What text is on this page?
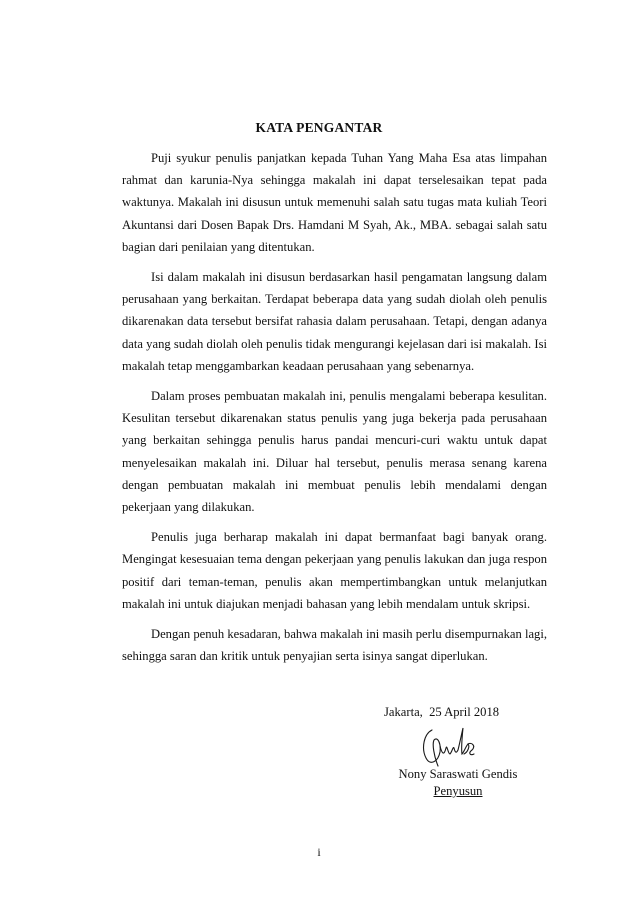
KATA PENGANTAR

Puji syukur penulis panjatkan kepada Tuhan Yang Maha Esa atas limpahan rahmat dan karunia-Nya sehingga makalah ini dapat terselesaikan tepat pada waktunya. Makalah ini disusun untuk memenuhi salah satu tugas mata kuliah Teori Akuntansi dari Dosen Bapak Drs. Hamdani M Syah, Ak., MBA. sebagai salah satu bagian dari penilaian yang ditentukan.

Isi dalam makalah ini disusun berdasarkan hasil pengamatan langsung dalam perusahaan yang berkaitan. Terdapat beberapa data yang sudah diolah oleh penulis dikarenakan data tersebut bersifat rahasia dalam perusahaan. Tetapi, dengan adanya data yang sudah diolah oleh penulis tidak mengurangi kejelasan dari isi makalah. Isi makalah tetap menggambarkan keadaan perusahaan yang sebenarnya.

Dalam proses pembuatan makalah ini, penulis mengalami beberapa kesulitan. Kesulitan tersebut dikarenakan status penulis yang juga bekerja pada perusahaan yang berkaitan sehingga penulis harus pandai mencuri-curi waktu untuk dapat menyelesaikan makalah ini. Diluar hal tersebut, penulis merasa senang karena dengan pembuatan makalah ini membuat penulis lebih mendalami dengan pekerjaan yang dilakukan.

Penulis juga berharap makalah ini dapat bermanfaat bagi banyak orang. Mengingat kesesuaian tema dengan pekerjaan yang penulis lakukan dan juga respon positif dari teman-teman, penulis akan mempertimbangkan untuk melanjutkan makalah ini untuk diajukan menjadi bahasan yang lebih mendalam untuk skripsi.

Dengan penuh kesadaran, bahwa makalah ini masih perlu disempurnakan lagi, sehingga saran dan kritik untuk penyajian serta isinya sangat diperlukan.

Jakarta,  25 April 2018
Nony Saraswati Gendis
Penyusun
i
